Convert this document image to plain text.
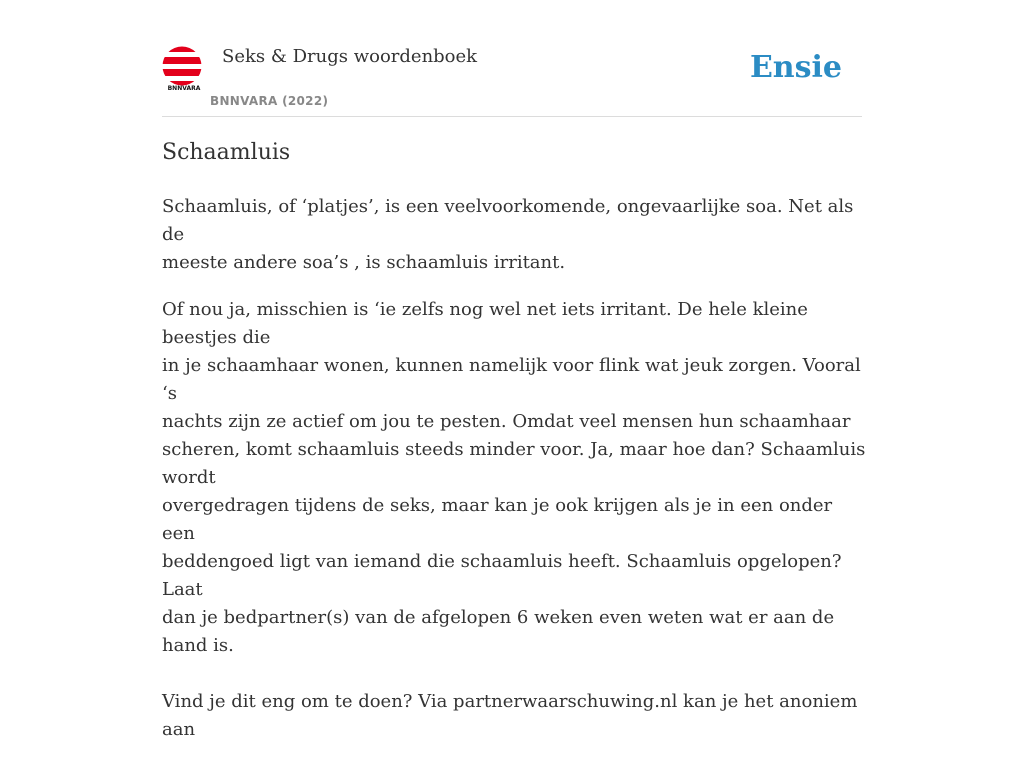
BNNVARA
Seks & Drugs woordenboek
BNNVARA (2022)
Ensie
Schaamluis

Schaamluis, of ‘platjes’, is een veelvoorkomende, ongevaarlijke soa. Net als de
meeste andere soa’s , is schaamluis irritant.

Of nou ja, misschien is ‘ie zelfs nog wel net iets irritant. De hele kleine beestjes die
in je schaamhaar wonen, kunnen namelijk voor flink wat jeuk zorgen. Vooral ‘s
nachts zijn ze actief om jou te pesten. Omdat veel mensen hun schaamhaar
scheren, komt schaamluis steeds minder voor. Ja, maar hoe dan? Schaamluis wordt
overgedragen tijdens de seks, maar kan je ook krijgen als je in een onder een
beddengoed ligt van iemand die schaamluis heeft. Schaamluis opgelopen? Laat
dan je bedpartner(s) van de afgelopen 6 weken even weten wat er aan de hand is.

Vind je dit eng om te doen? Via partnerwaarschuwing.nl kan je het anoniem aan
